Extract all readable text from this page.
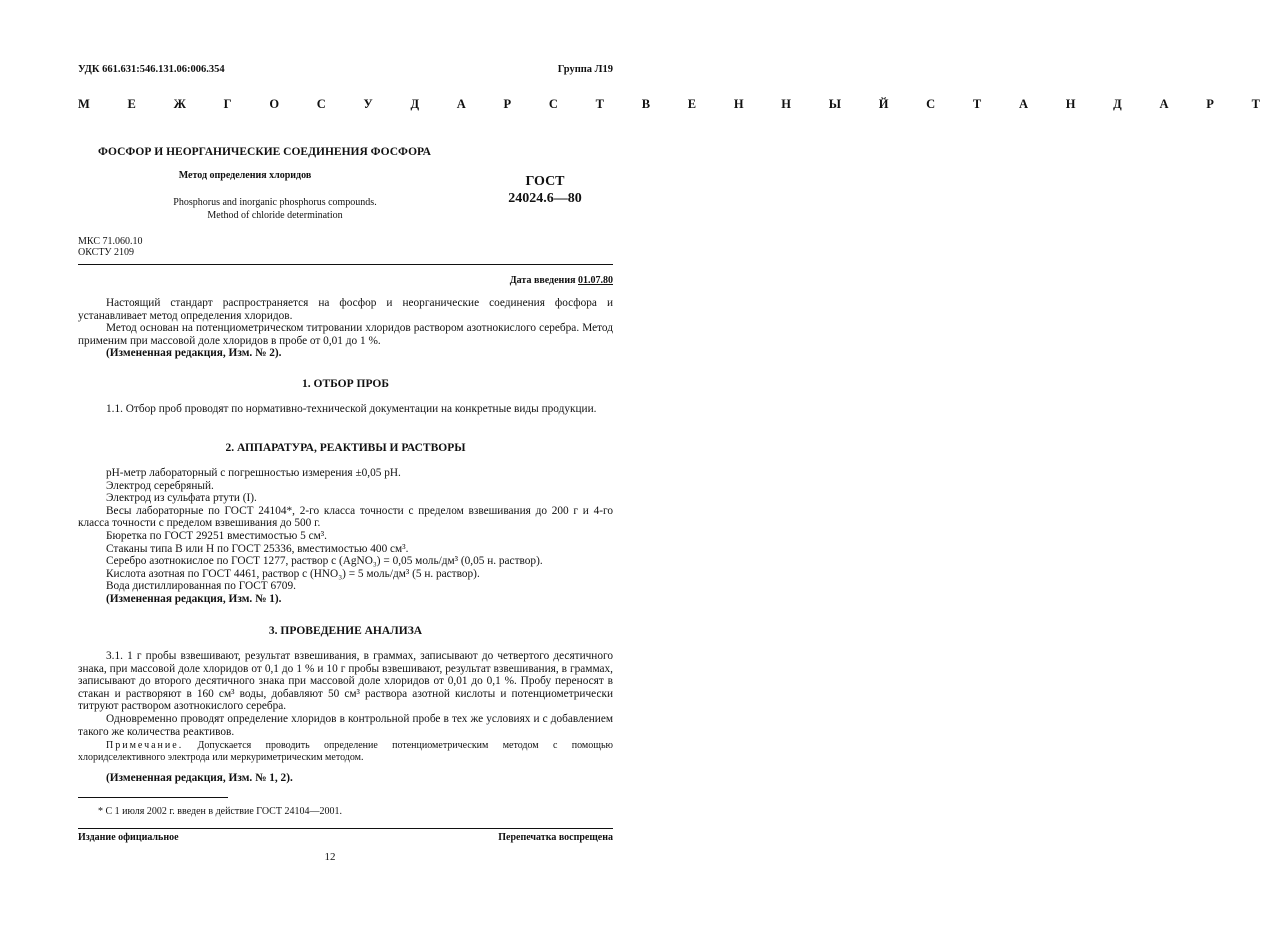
УДК 661.631:546.131.06:006.354	Группа Л19
М Е Ж Г О С У Д А Р С Т В Е Н Н Ы Й С Т А Н Д А Р Т
ФОСФОР И НЕОРГАНИЧЕСКИЕ СОЕДИНЕНИЯ ФОСФОРА
Метод определения хлоридов
Phosphorus and inorganic phosphorus compounds.
Method of chloride determination
ГОСТ
24024.6—80
МКС 71.060.10
ОКСТУ 2109
Дата введения 01.07.80

Настоящий стандарт распространяется на фосфор и неорганические соединения фосфора и устанавливает метод определения хлоридов.

Метод основан на потенциометрическом титровании хлоридов раствором азотнокислого серебра. Метод применим при массовой доле хлоридов в пробе от 0,01 до 1 %.

(Измененная редакция, Изм. № 2).

1. ОТБОР ПРОБ

1.1. Отбор проб проводят по нормативно-технической документации на конкретные виды продукции.

2. АППАРАТУРА, РЕАКТИВЫ И РАСТВОРЫ

рН-метр лабораторный с погрешностью измерения ±0,05 рН.

Электрод серебряный.

Электрод из сульфата ртути (I).

Весы лабораторные по ГОСТ 24104*, 2-го класса точности с пределом взвешивания до 200 г и 4-го класса точности с пределом взвешивания до 500 г.

Бюретка по ГОСТ 29251 вместимостью 5 см³.

Стаканы типа В или Н по ГОСТ 25336, вместимостью 400 см³.

Серебро азотнокислое по ГОСТ 1277, раствор c (AgNO₃) = 0,05 моль/дм³ (0,05 н. раствор).

Кислота азотная по ГОСТ 4461, раствор c (HNO₃) = 5 моль/дм³ (5 н. раствор).

Вода дистиллированная по ГОСТ 6709.

(Измененная редакция, Изм. № 1).

3. ПРОВЕДЕНИЕ АНАЛИЗА

3.1. 1 г пробы взвешивают, результат взвешивания, в граммах, записывают до четвертого десятичного знака, при массовой доле хлоридов от 0,1 до 1 % и 10 г пробы взвешивают, результат взвешивания, в граммах, записывают до второго десятичного знака при массовой доле хлоридов от 0,01 до 0,1 %. Пробу переносят в стакан и растворяют в 160 см³ воды, добавляют 50 см³ раствора азотной кислоты и потенциометрически титруют раствором азотнокислого серебра.

Одновременно проводят определение хлоридов в контрольной пробе в тех же условиях и с добавлением такого же количества реактивов.

Примечание. Допускается проводить определение потенциометрическим методом с помощью хлоридселективного электрода или меркуриметрическим методом.

(Измененная редакция, Изм. № 1, 2).

* С 1 июля 2002 г. введен в действие ГОСТ 24104—2001.
Издание официальное	Перепечатка воспрещена
12
